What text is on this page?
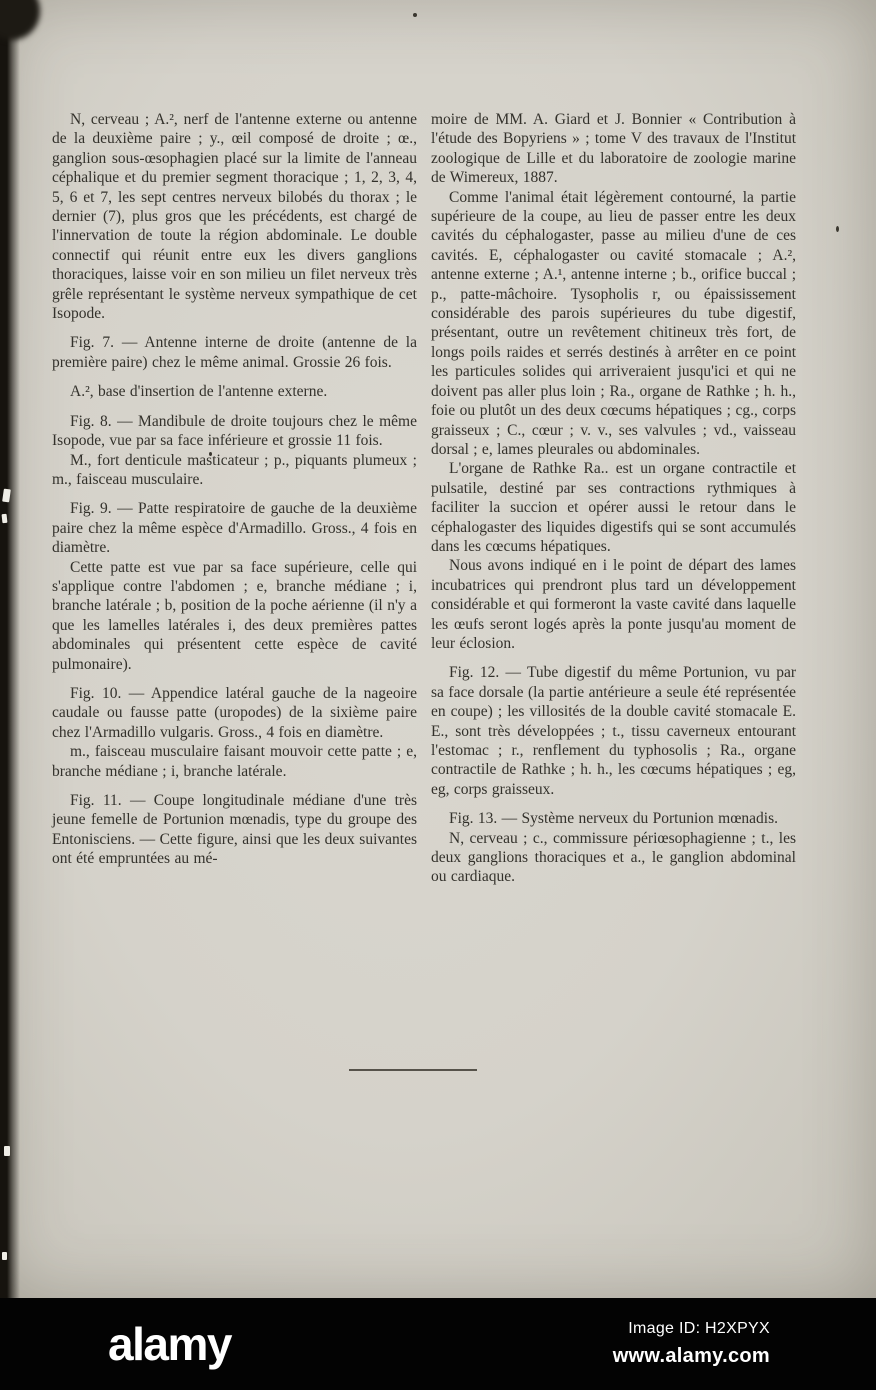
N, cerveau ; A.², nerf de l'antenne externe ou antenne de la deuxième paire ; y., œil composé de droite ; œ., ganglion sous-œsophagien placé sur la limite de l'anneau céphalique et du premier segment thoracique ; 1, 2, 3, 4, 5, 6 et 7, les sept centres nerveux bilobés du thorax ; le dernier (7), plus gros que les précédents, est chargé de l'innervation de toute la région abdominale. Le double connectif qui réunit entre eux les divers ganglions thoraciques, laisse voir en son milieu un filet nerveux très grêle représentant le système nerveux sympathique de cet Isopode.

Fig. 7. — Antenne interne de droite (antenne de la première paire) chez le même animal. Grossie 26 fois.

A.², base d'insertion de l'antenne externe.

Fig. 8. — Mandibule de droite toujours chez le même Isopode, vue par sa face inférieure et grossie 11 fois.

M., fort denticule masticateur ; p., piquants plumeux ; m., faisceau musculaire.

Fig. 9. — Patte respiratoire de gauche de la deuxième paire chez la même espèce d'Armadillo. Gross., 4 fois en diamètre.

Cette patte est vue par sa face supérieure, celle qui s'applique contre l'abdomen ; e, branche médiane ; i, branche latérale ; b, position de la poche aérienne (il n'y a que les lamelles latérales i, des deux premières pattes abdominales qui présentent cette espèce de cavité pulmonaire).

Fig. 10. — Appendice latéral gauche de la nageoire caudale ou fausse patte (uropodes) de la sixième paire chez l'Armadillo vulgaris. Gross., 4 fois en diamètre.

m., faisceau musculaire faisant mouvoir cette patte ; e, branche médiane ; i, branche latérale.

Fig. 11. — Coupe longitudinale médiane d'une très jeune femelle de Portunion mœnadis, type du groupe des Entonisciens. — Cette figure, ainsi que les deux suivantes ont été empruntées au mé-

moire de MM. A. Giard et J. Bonnier « Contribution à l'étude des Bopyriens » ; tome V des travaux de l'Institut zoologique de Lille et du laboratoire de zoologie marine de Wimereux, 1887.

Comme l'animal était légèrement contourné, la partie supérieure de la coupe, au lieu de passer entre les deux cavités du céphalogaster, passe au milieu d'une de ces cavités. E, céphalogaster ou cavité stomacale ; A.², antenne externe ; A.¹, antenne interne ; b., orifice buccal ; p., patte-mâchoire. Tysopholis r, ou épaississement considérable des parois supérieures du tube digestif, présentant, outre un revêtement chitineux très fort, de longs poils raides et serrés destinés à arrêter en ce point les particules solides qui arriveraient jusqu'ici et qui ne doivent pas aller plus loin ; Ra., organe de Rathke ; h. h., foie ou plutôt un des deux cœcums hépatiques ; cg., corps graisseux ; C., cœur ; v. v., ses valvules ; vd., vaisseau dorsal ; e, lames pleurales ou abdominales.

L'organe de Rathke Ra.. est un organe contractile et pulsatile, destiné par ses contractions rythmiques à faciliter la succion et opérer aussi le retour dans le céphalogaster des liquides digestifs qui se sont accumulés dans les cœcums hépatiques.

Nous avons indiqué en i le point de départ des lames incubatrices qui prendront plus tard un développement considérable et qui formeront la vaste cavité dans laquelle les œufs seront logés après la ponte jusqu'au moment de leur éclosion.

Fig. 12. — Tube digestif du même Portunion, vu par sa face dorsale (la partie antérieure a seule été représentée en coupe) ; les villosités de la double cavité stomacale E. E., sont très développées ; t., tissu caverneux entourant l'estomac ; r., renflement du typhosolis ; Ra., organe contractile de Rathke ; h. h., les cœcums hépatiques ; eg, eg, corps graisseux.

Fig. 13. — Système nerveux du Portunion mœnadis.

N, cerveau ; c., commissure périœsophagienne ; t., les deux ganglions thoraciques et a., le ganglion abdominal ou cardiaque.

alamy	Image ID: H2XPYX
www.alamy.com
